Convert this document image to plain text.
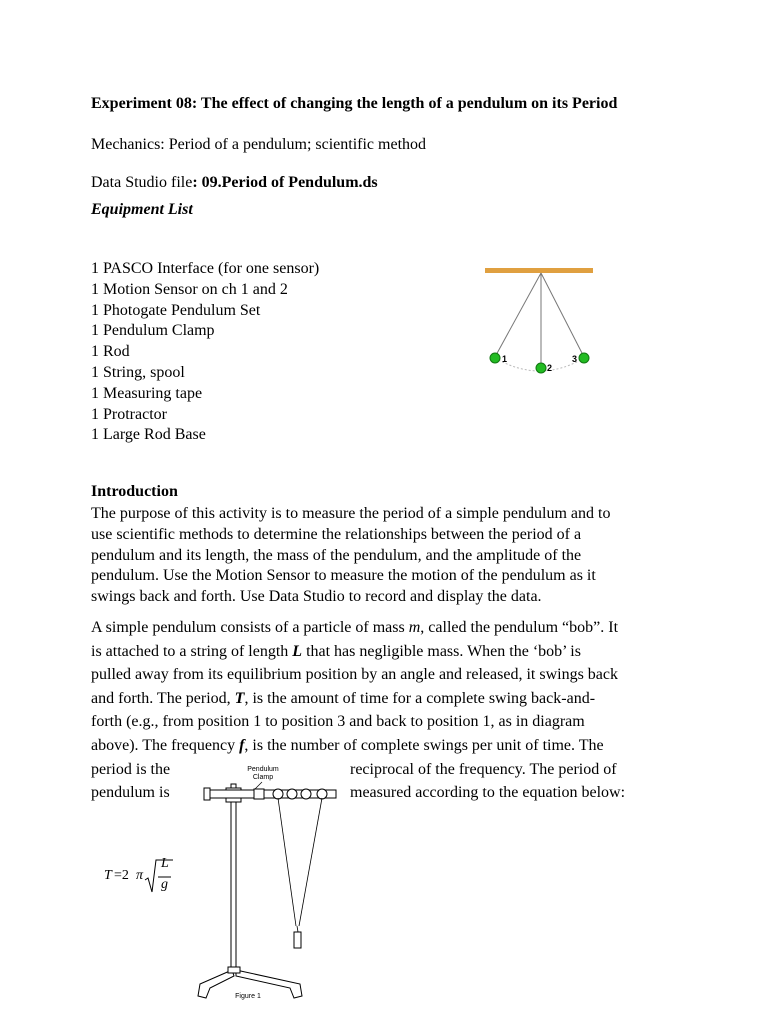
Experiment 08: The effect of changing the length of a pendulum on its Period
Mechanics: Period of a pendulum; scientific method
Data Studio file: 09.Period of Pendulum.ds
Equipment List
1 PASCO Interface (for one sensor)
1 Motion Sensor on ch 1 and 2
1 Photogate Pendulum Set
1 Pendulum Clamp
1 Rod
1 String, spool
1 Measuring tape
1 Protractor
1 Large Rod Base
1
2
3
Introduction
The purpose of this activity is to measure the period of a simple pendulum and to
use scientific methods to determine the relationships between the period of a
pendulum and its length, the mass of the pendulum, and the amplitude of the
pendulum. Use the Motion Sensor to measure the motion of the pendulum as it
swings back and forth. Use Data Studio to record and display the data.
A simple pendulum consists of a particle of mass m, called the pendulum “bob”. It
is attached to a string of length L that has negligible mass. When the ‘bob’ is
pulled away from its equilibrium position by an angle and released, it swings back
and forth. The period, T, is the amount of time for a complete swing back-and-
forth (e.g., from position 1 to position 3 and back to position 1, as in diagram
above). The frequency f, is the number of complete swings per unit of time. The
period is the	reciprocal of the frequency. The period of
pendulum is	measured according to the equation below:
T =2 π
L
g
Pendulum
Clamp
Figure 1
